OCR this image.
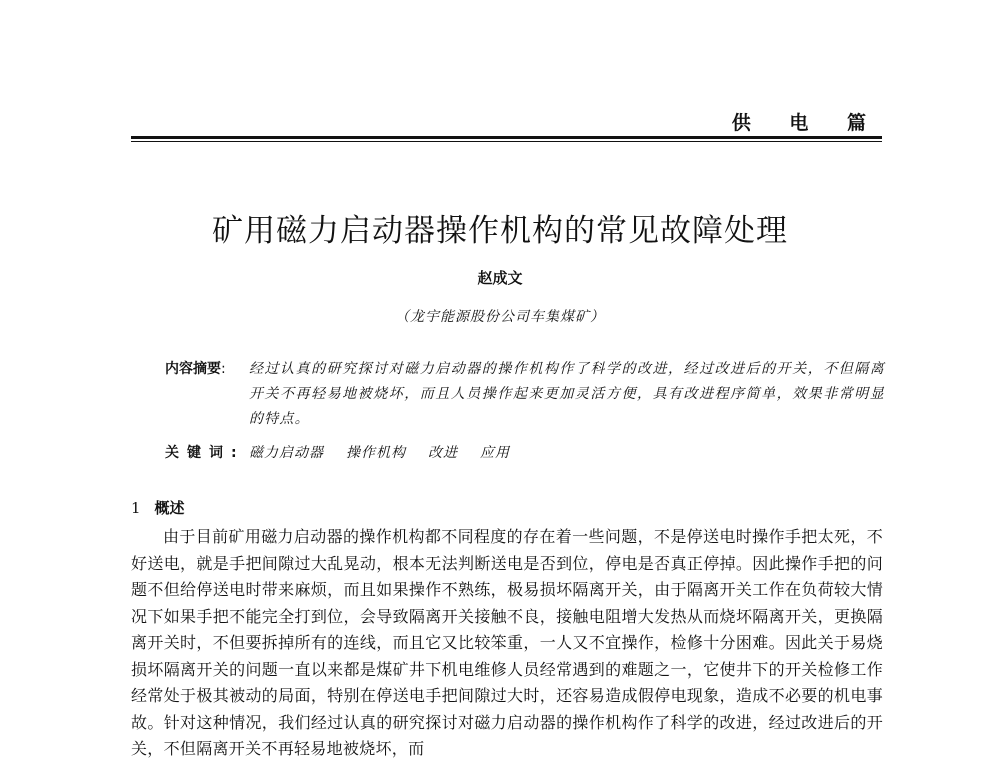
供 电 篇
矿用磁力启动器操作机构的常见故障处理
赵成文
（龙宇能源股份公司车集煤矿）
内容摘要:	经过认真的研究探讨对磁力启动器的操作机构作了科学的改进，经过改进后的开关，不但隔离开关不再轻易地被烧坏，而且人员操作起来更加灵活方便，具有改进程序简单，效果非常明显的特点。
关键词: 磁力启动器 操作机构 改进 应用
1 概述
由于目前矿用磁力启动器的操作机构都不同程度的存在着一些问题，不是停送电时操作手把太死，不好送电，就是手把间隙过大乱晃动，根本无法判断送电是否到位，停电是否真正停掉。因此操作手把的问题不但给停送电时带来麻烦，而且如果操作不熟练，极易损坏隔离开关，由于隔离开关工作在负荷较大情况下如果手把不能完全打到位，会导致隔离开关接触不良，接触电阻增大发热从而烧坏隔离开关，更换隔离开关时，不但要拆掉所有的连线，而且它又比较笨重，一人又不宜操作，检修十分困难。因此关于易烧损坏隔离开关的问题一直以来都是煤矿井下机电维修人员经常遇到的难题之一，它使井下的开关检修工作经常处于极其被动的局面，特别在停送电手把间隙过大时，还容易造成假停电现象，造成不必要的机电事故。针对这种情况，我们经过认真的研究探讨对磁力启动器的操作机构作了科学的改进，经过改进后的开关，不但隔离开关不再轻易地被烧坏，而
